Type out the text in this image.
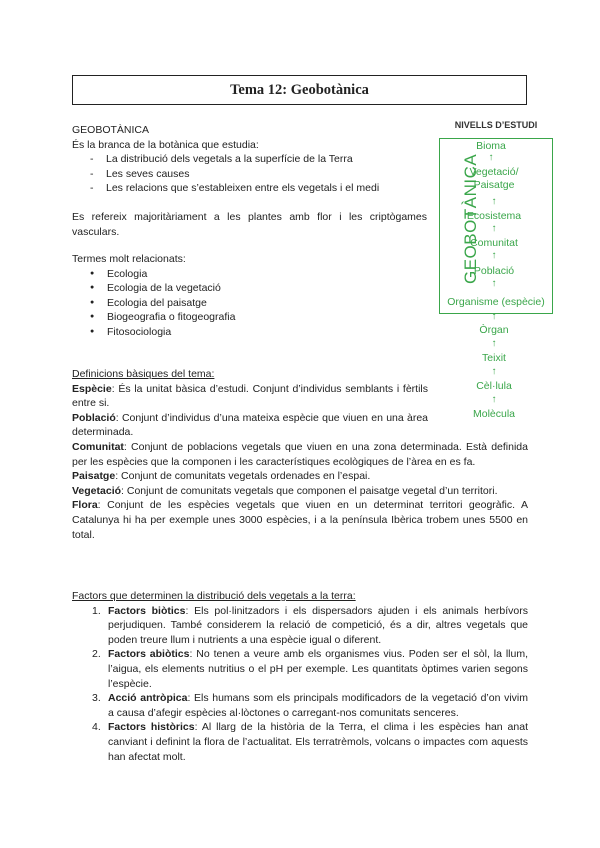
Tema 12: Geobotànica
GEOBOTÀNICA
És la branca de la botànica que estudia:
- La distribució dels vegetals a la superfície de la Terra
- Les seves causes
- Les relacions que s’estableixen entre els vegetals i el medi
Es refereix majoritàriament a les plantes amb flor i les criptògames vasculars.
Termes molt relacionats:
● Ecologia
● Ecologia de la vegetació
● Ecologia del paisatge
● Biogeografia o fitogeografia
● Fitosociologia
Definicions bàsiques del tema:
Espècie: És la unitat bàsica d’estudi. Conjunt d’individus semblants i fèrtils entre si.
Població: Conjunt d’individus d’una mateixa espècie que viuen en una àrea determinada.
Comunitat: Conjunt de poblacions vegetals que viuen en una zona determinada. Està definida per les espècies que la componen i les característiques ecològiques de l’àrea en es fa.
Paisatge: Conjunt de comunitats vegetals ordenades en l’espai.
Vegetació: Conjunt de comunitats vegetals que componen el paisatge vegetal d’un territori.
Flora: Conjunt de les espècies vegetals que viuen en un determinat territori geogràfic. A Catalunya hi ha per exemple unes 3000 espècies, i a la península Ibèrica trobem unes 5500 en total.
Factors que determinen la distribució dels vegetals a la terra:
1. Factors biòtics: Els pol·linitzadors i els dispersadors ajuden i els animals herbívors perjudiquen. També considerem la relació de competició, és a dir, altres vegetals que poden treure llum i nutrients a una espècie igual o diferent.
2. Factors abiòtics: No tenen a veure amb els organismes vius. Poden ser el sòl, la llum, l’aigua, els elements nutritius o el pH per exemple. Les quantitats òptimes varien segons l’espècie.
3. Acció antròpica: Els humans som els principals modificadors de la vegetació d’on vivim a causa d’afegir espècies al·lòctones o carregant-nos comunitats senceres.
4. Factors històrics: Al llarg de la història de la Terra, el clima i les espècies han anat canviant i definint la flora de l’actualitat. Els terratrèmols, volcans o impactes com aquests han afectat molt.
NIVELLS D’ESTUDI
GEOBOTÀNICA
Bioma
↑
Vegetació/ Paisatge
↑
Ecosistema
↑
Comunitat
↑
Població
↑
Organisme (espècie)
↑
Òrgan
↑
Teixit
↑
Cèl·lula
↑
Molècula
